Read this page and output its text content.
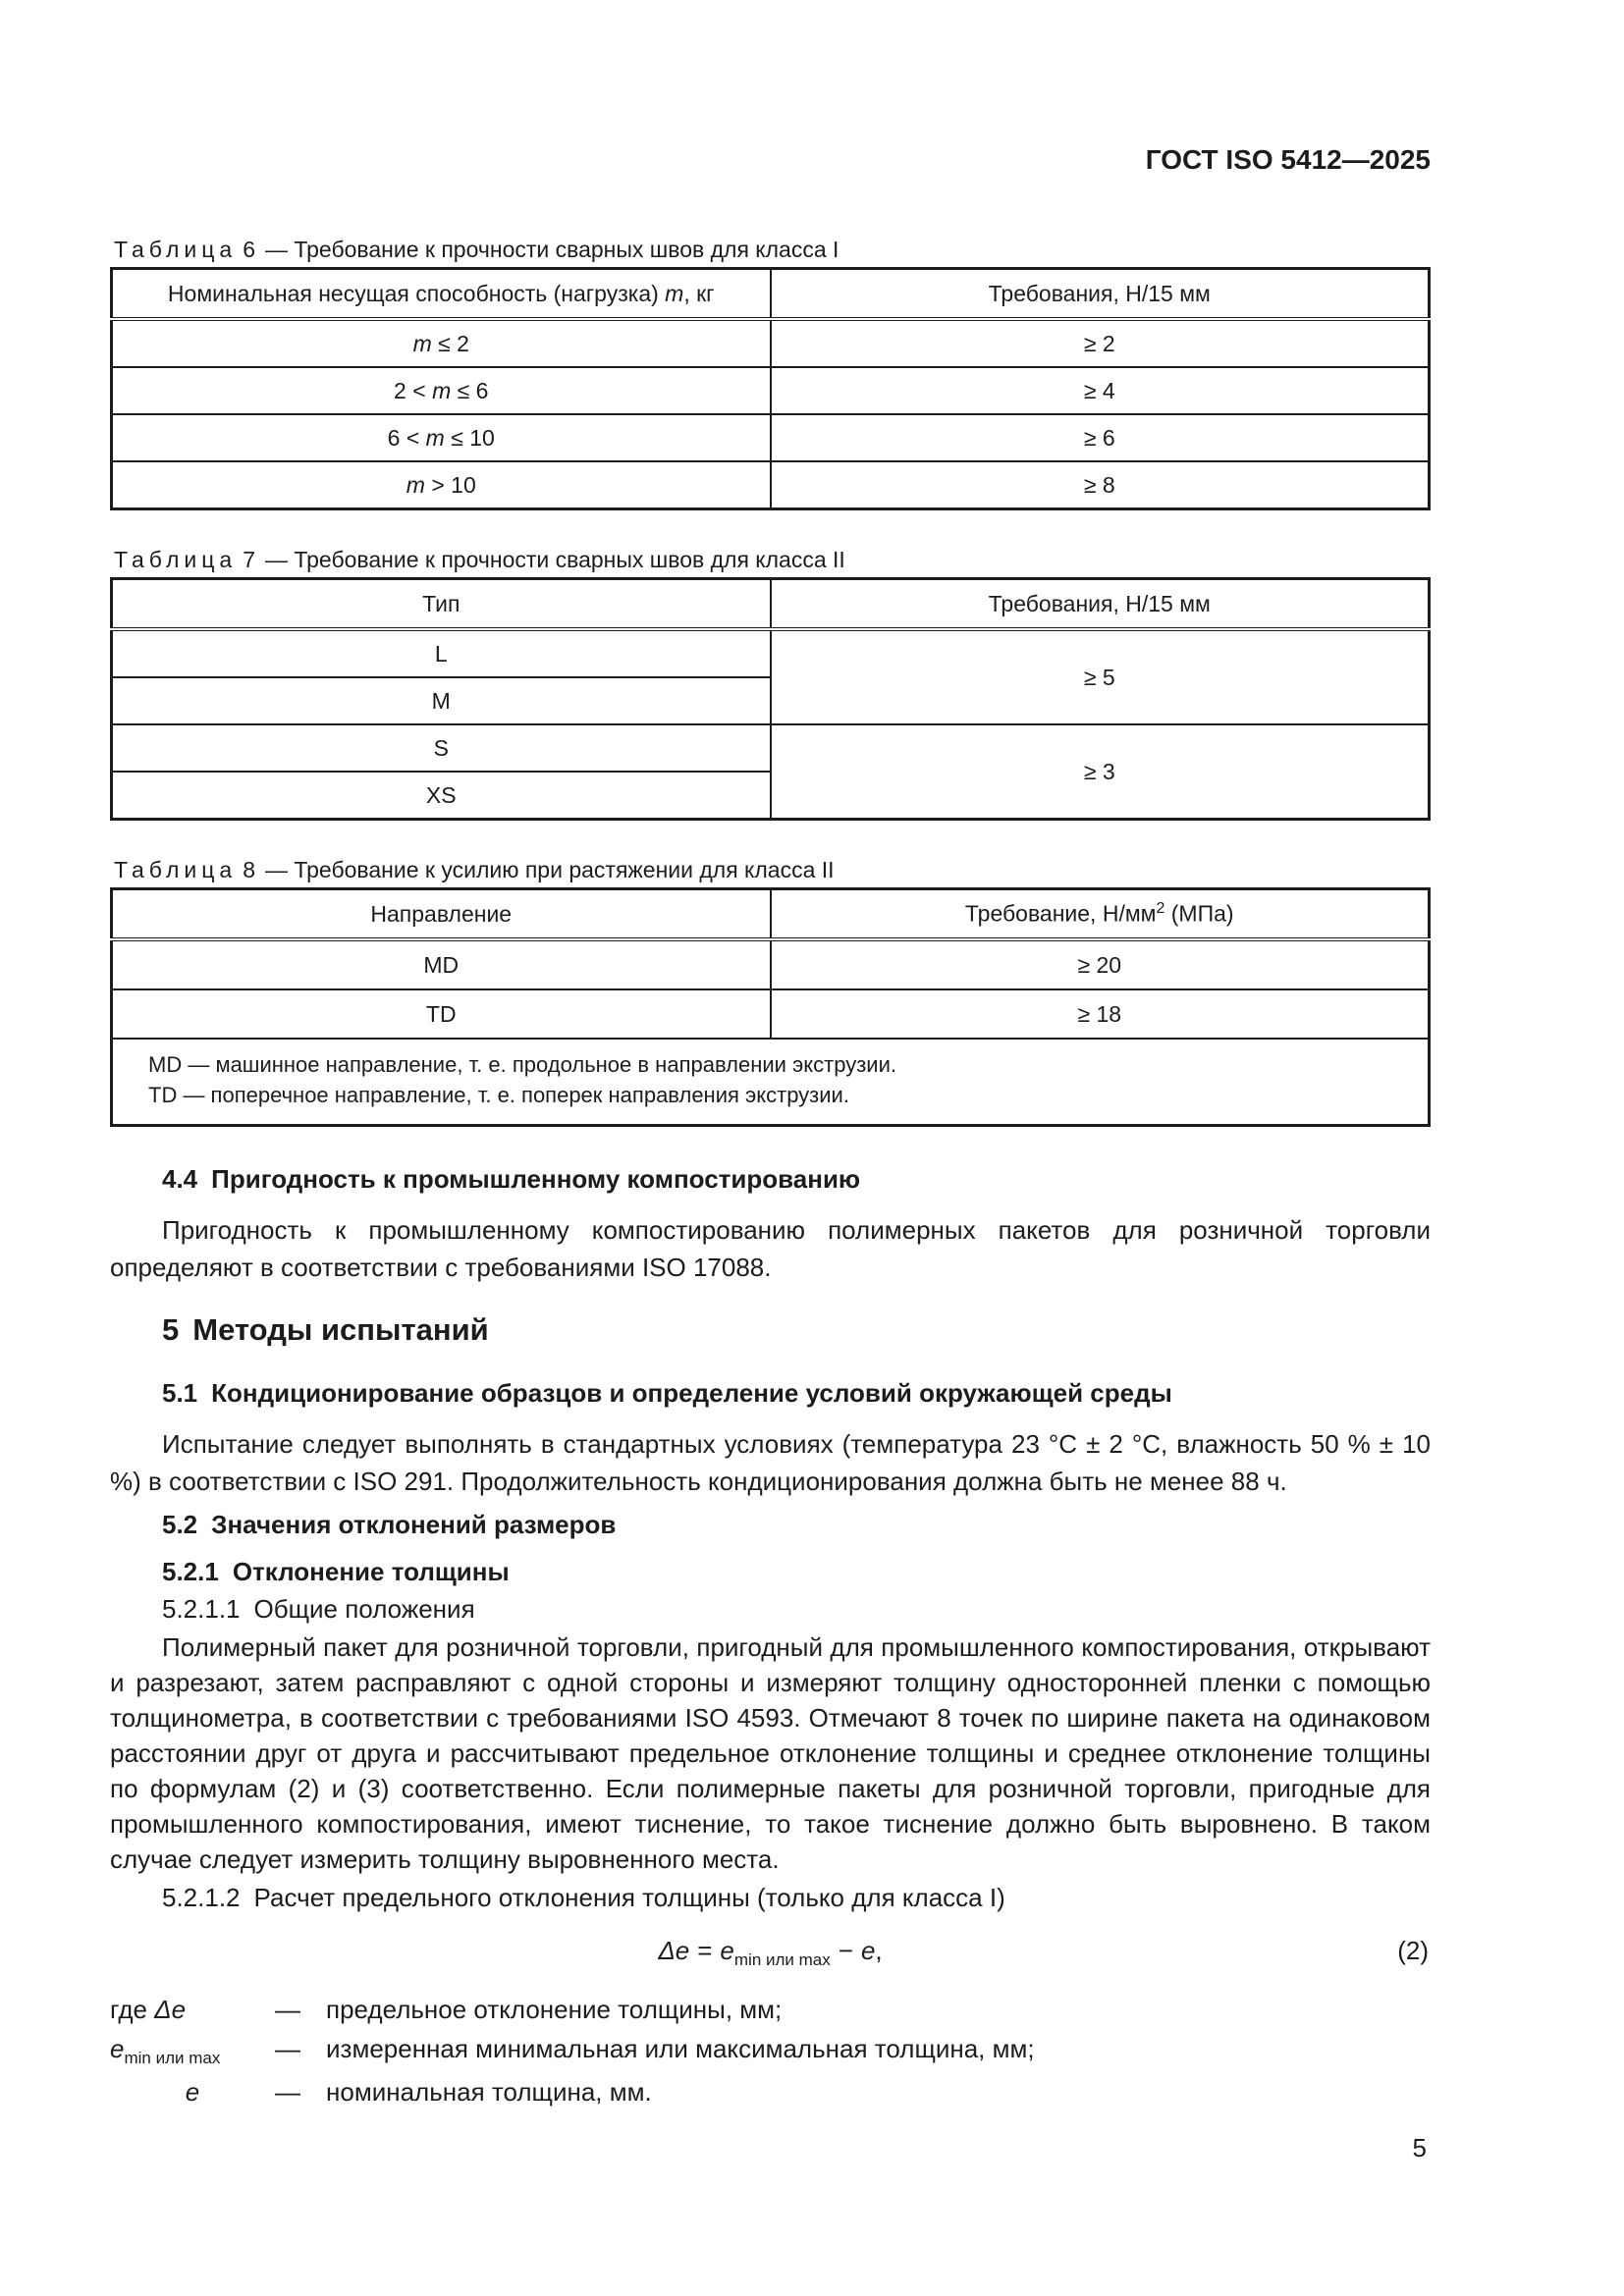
ГОСТ ISO 5412—2025
Таблица 6 — Требование к прочности сварных швов для класса I
Номинальная несущая способность (нагрузка) m, кг	Требования, Н/15 мм
m ≤ 2	≥ 2
2 < m ≤ 6	≥ 4
6 < m ≤ 10	≥ 6
m > 10	≥ 8
Таблица 7 — Требование к прочности сварных швов для класса II
Тип	Требования, Н/15 мм
L	≥ 5
M	
S	≥ 3
XS	
Таблица 8 — Требование к усилию при растяжении для класса II
Направление	Требование, $Н/мм^2$ (МПа)
MD	≥ 20
TD	≥ 18

MD — машинное направление, т. е. продольное в направлении экструзии.
TD — поперечное направление, т. е. поперек направления экструзии.	
4.4 Пригодность к промышленному компостированию

Пригодность к промышленному компостированию полимерных пакетов для розничной торговли определяют в соответствии с требованиями ISO 17088.

5 Методы испытаний
5.1 Кондиционирование образцов и определение условий окружающей среды

Испытание следует выполнять в стандартных условиях (температура 23 °С ± 2 °С, влажность 50 % ± 10 %) в соответствии с ISO 291. Продолжительность кондиционирования должна быть не менее 88 ч.

5.2 Значения отклонений размеров
5.2.1 Отклонение толщины
5.2.1.1 Общие положения

Полимерный пакет для розничной торговли, пригодный для промышленного компостирования, открывают и разрезают, затем расправляют с одной стороны и измеряют толщину односторонней пленки с помощью толщинометра, в соответствии с требованиями ISO 4593. Отмечают 8 точек по ширине пакета на одинаковом расстоянии друг от друга и рассчитывают предельное отклонение толщины и среднее отклонение толщины по формулам (2) и (3) соответственно. Если полимерные пакеты для розничной торговли, пригодные для промышленного компостирования, имеют тиснение, то такое тиснение должно быть выровнено. В таком случае следует измерить толщину выровненного места.

5.2.1.2 Расчет предельного отклонения толщины (только для класса I)
$\Delta e = e_{min или max} - e$,	(2)
где Δe	—	предельное отклонение толщины, мм;
$e_{min или max}$	—	измеренная минимальная или максимальная толщина, мм;
e	—	номинальная толщина, мм.
5
